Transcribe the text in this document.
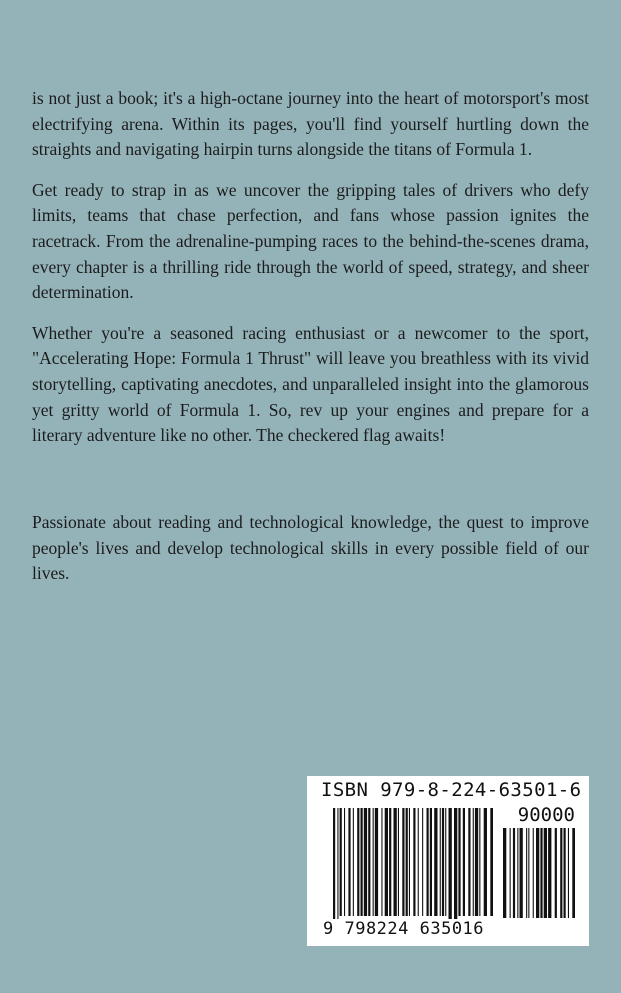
is not just a book; it's a high-octane journey into the heart of motorsport's most electrifying arena. Within its pages, you'll find yourself hurtling down the straights and navigating hairpin turns alongside the titans of Formula 1.

Get ready to strap in as we uncover the gripping tales of drivers who defy limits, teams that chase perfection, and fans whose passion ignites the racetrack. From the adrenaline-pumping races to the behind-the-scenes drama, every chapter is a thrilling ride through the world of speed, strategy, and sheer determination.

Whether you're a seasoned racing enthusiast or a newcomer to the sport, "Accelerating Hope: Formula 1 Thrust" will leave you breathless with its vivid storytelling, captivating anecdotes, and unparalleled insight into the glamorous yet gritty world of Formula 1. So, rev up your engines and prepare for a literary adventure like no other. The checkered flag awaits!

Passionate about reading and technological knowledge, the quest to improve people's lives and develop technological skills in every possible field of our lives.

ISBN 979-8-224-63501-6
90000
9 798224 635016
